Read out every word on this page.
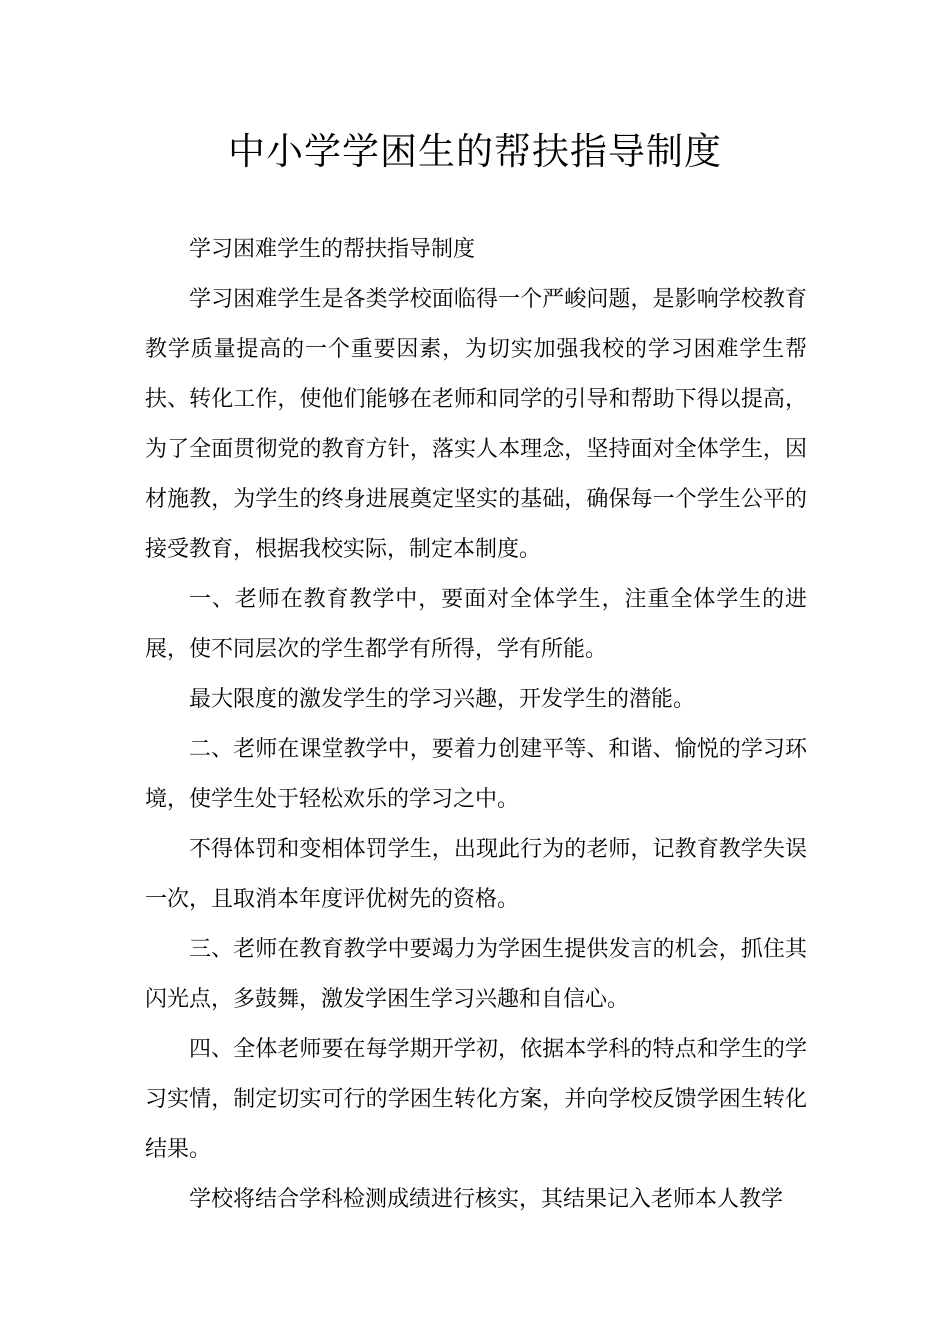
中小学学困生的帮扶指导制度

学习困难学生的帮扶指导制度

学习困难学生是各类学校面临得一个严峻问题，是影响学校教育教学质量提高的一个重要因素，为切实加强我校的学习困难学生帮扶、转化工作，使他们能够在老师和同学的引导和帮助下得以提高，为了全面贯彻党的教育方针，落实人本理念，坚持面对全体学生，因材施教，为学生的终身进展奠定坚实的基础，确保每一个学生公平的接受教育，根据我校实际，制定本制度。

一、老师在教育教学中，要面对全体学生，注重全体学生的进展，使不同层次的学生都学有所得，学有所能。

最大限度的激发学生的学习兴趣，开发学生的潜能。

二、老师在课堂教学中，要着力创建平等、和谐、愉悦的学习环境，使学生处于轻松欢乐的学习之中。

不得体罚和变相体罚学生，出现此行为的老师，记教育教学失误一次，且取消本年度评优树先的资格。

三、老师在教育教学中要竭力为学困生提供发言的机会，抓住其闪光点，多鼓舞，激发学困生学习兴趣和自信心。

四、全体老师要在每学期开学初，依据本学科的特点和学生的学习实情，制定切实可行的学困生转化方案，并向学校反馈学困生转化结果。

学校将结合学科检测成绩进行核实，其结果记入老师本人教学
